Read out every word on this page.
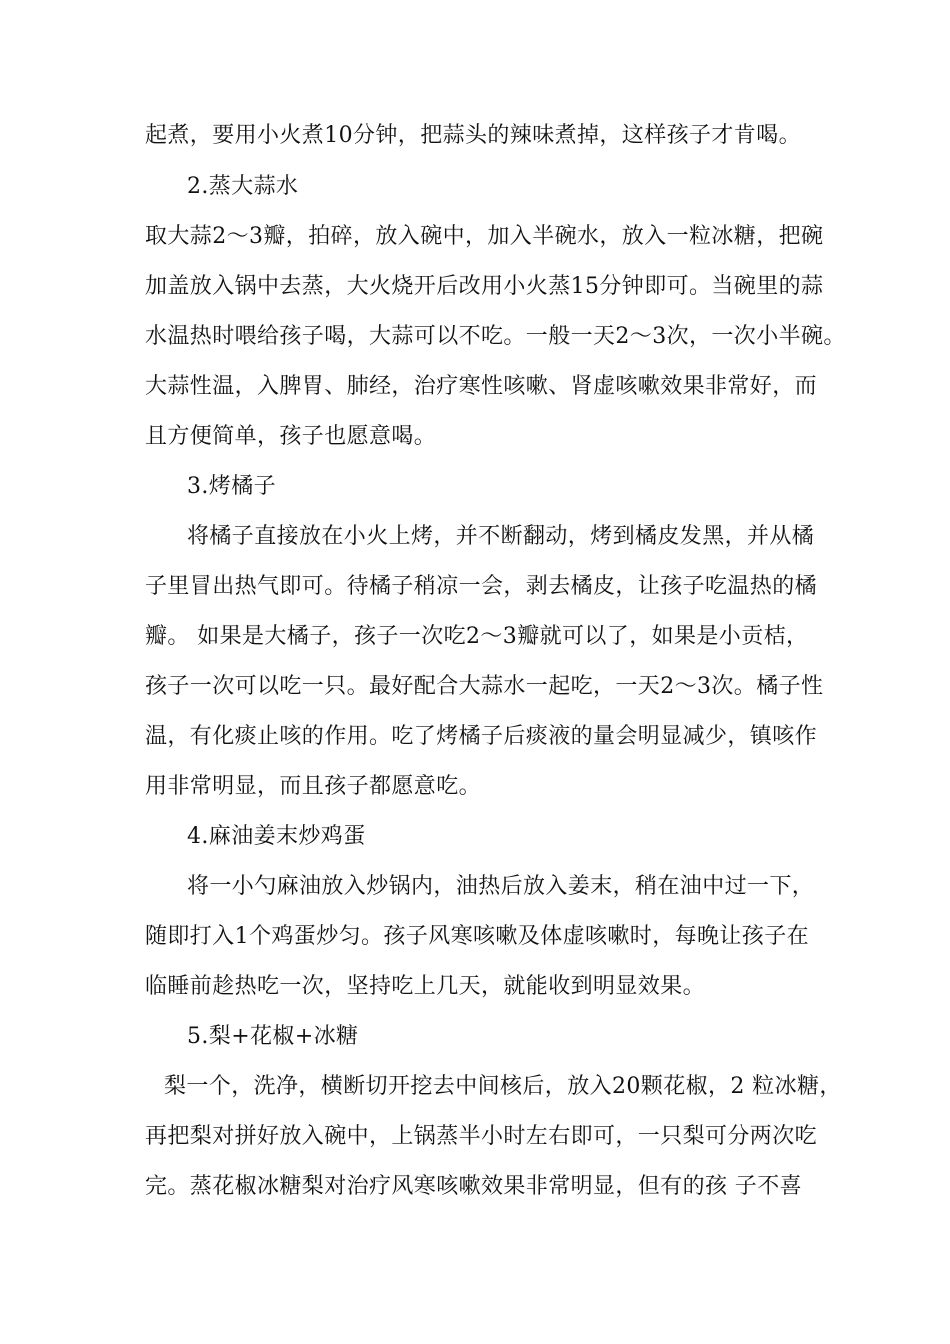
起煮，要用小火煮10分钟，把蒜头的辣味煮掉，这样孩子才肯喝。
2.蒸大蒜水
取大蒜2～3瓣，拍碎，放入碗中，加入半碗水，放入一粒冰糖，把碗
加盖放入锅中去蒸，大火烧开后改用小火蒸15分钟即可。当碗里的蒜
水温热时喂给孩子喝，大蒜可以不吃。一般一天2～3次，一次小半碗。
大蒜性温，入脾胃、肺经，治疗寒性咳嗽、肾虚咳嗽效果非常好，而
且方便简单，孩子也愿意喝。
3.烤橘子
将橘子直接放在小火上烤，并不断翻动，烤到橘皮发黑，并从橘
子里冒出热气即可。待橘子稍凉一会，剥去橘皮，让孩子吃温热的橘
瓣。 如果是大橘子，孩子一次吃2～3瓣就可以了，如果是小贡桔，
孩子一次可以吃一只。最好配合大蒜水一起吃，一天2～3次。橘子性
温，有化痰止咳的作用。吃了烤橘子后痰液的量会明显减少，镇咳作
用非常明显，而且孩子都愿意吃。
4.麻油姜末炒鸡蛋
将一小勺麻油放入炒锅内，油热后放入姜末，稍在油中过一下，
随即打入1个鸡蛋炒匀。孩子风寒咳嗽及体虚咳嗽时，每晚让孩子在
临睡前趁热吃一次，坚持吃上几天，就能收到明显效果。
5.梨+花椒+冰糖
梨一个，洗净，横断切开挖去中间核后，放入20颗花椒，2 粒冰糖，
再把梨对拼好放入碗中，上锅蒸半小时左右即可，一只梨可分两次吃
完。蒸花椒冰糖梨对治疗风寒咳嗽效果非常明显，但有的孩 子不喜
